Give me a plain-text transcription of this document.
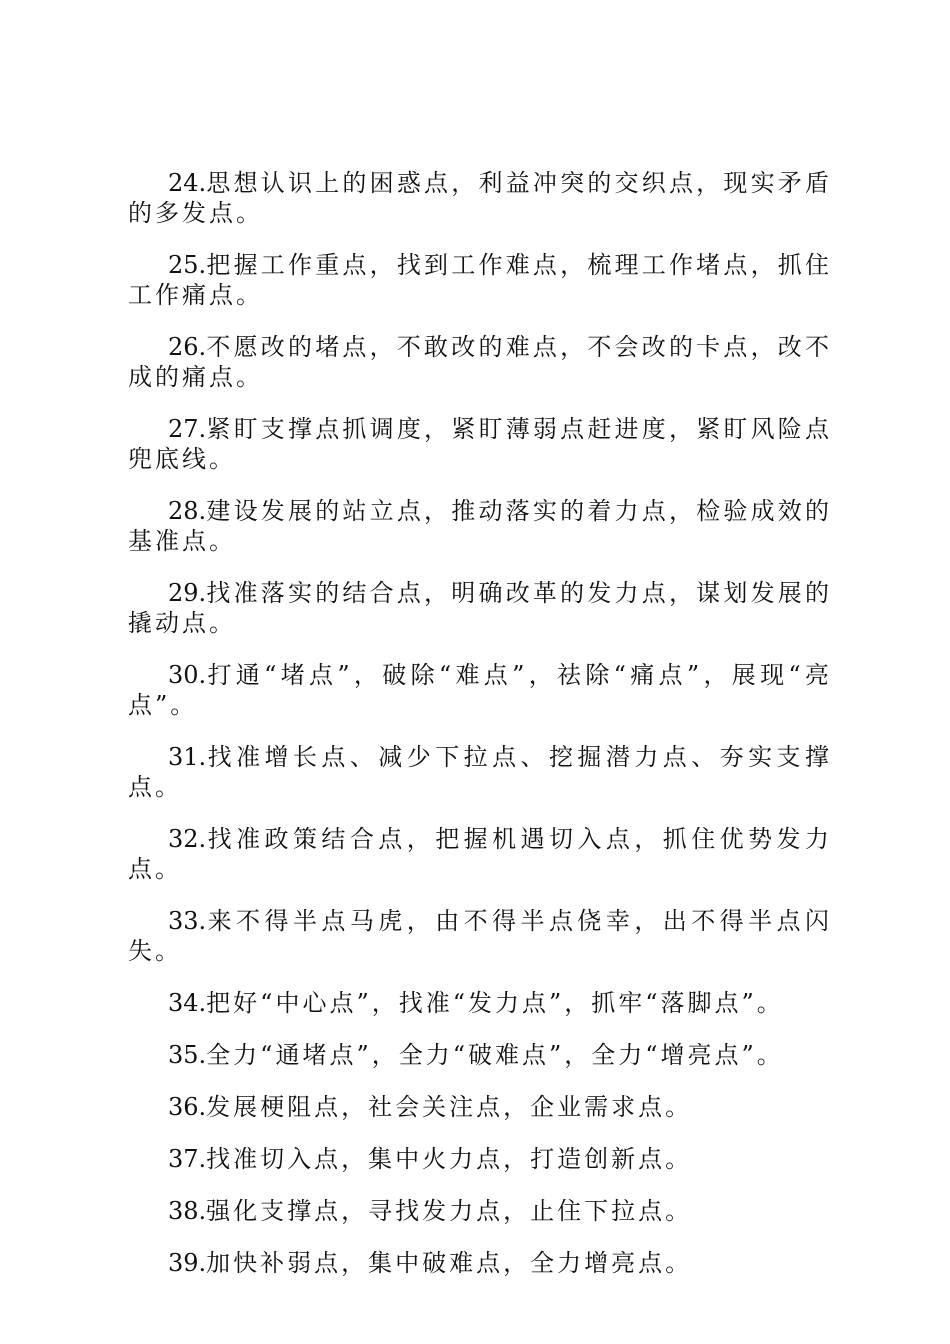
24.思想认识上的困惑点，利益冲突的交织点，现实矛盾的多发点。

25.把握工作重点，找到工作难点，梳理工作堵点，抓住工作痛点。

26.不愿改的堵点，不敢改的难点，不会改的卡点，改不成的痛点。

27.紧盯支撑点抓调度，紧盯薄弱点赶进度，紧盯风险点兜底线。

28.建设发展的站立点，推动落实的着力点，检验成效的基准点。

29.找准落实的结合点，明确改革的发力点，谋划发展的撬动点。

30.打通“堵点”，破除“难点”，祛除“痛点”，展现“亮点”。

31.找准增长点、减少下拉点、挖掘潜力点、夯实支撑点。

32.找准政策结合点，把握机遇切入点，抓住优势发力点。

33.来不得半点马虎，由不得半点侥幸，出不得半点闪失。

34.把好“中心点”，找准“发力点”，抓牢“落脚点”。

35.全力“通堵点”，全力“破难点”，全力“增亮点”。

36.发展梗阻点，社会关注点，企业需求点。

37.找准切入点，集中火力点，打造创新点。

38.强化支撑点，寻找发力点，止住下拉点。

39.加快补弱点，集中破难点，全力增亮点。
